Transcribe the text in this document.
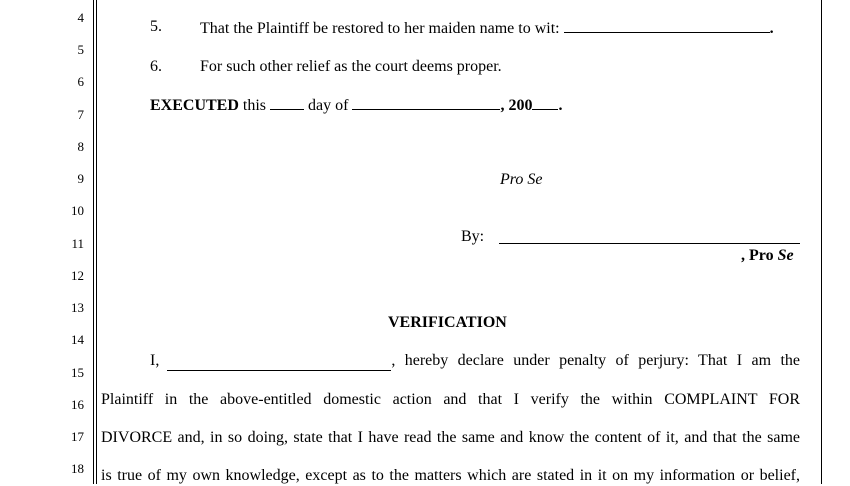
4
5
6
7
8
9
10
11
12
13
14
15
16
17
18
5. That the Plaintiff be restored to her maiden name to wit:	.
6. For such other relief as the court deems proper.
EXECUTED this	day of	, 200 .
Pro Se
By:
, Pro Se
VERIFICATION
I,	, hereby declare under penalty of perjury: That I am the
Plaintiff in the above-entitled domestic action and that I verify the within COMPLAINT FOR
DIVORCE and, in so doing, state that I have read the same and know the content of it, and that the same
is true of my own knowledge, except as to the matters which are stated in it on my information or belief,
